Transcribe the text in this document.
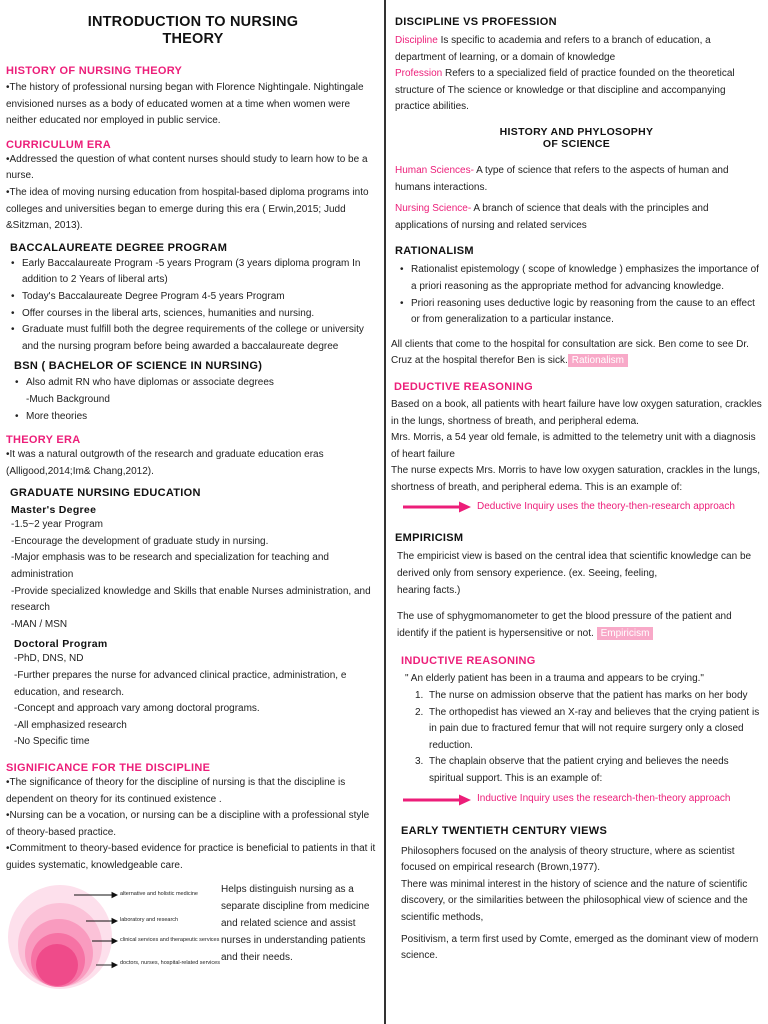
INTRODUCTION TO NURSING
THEORY
HISTORY OF NURSING THEORY

•The history of professional nursing began with Florence Nightingale. Nightingale envisioned nurses as a body of educated women at a time when women were neither educated nor employed in public service.

CURRICULUM ERA

•Addressed the question of what content nurses should study to learn how to be a nurse.

•The idea of moving nursing education from hospital-based diploma programs into colleges and universities began to emerge during this era ( Erwin,2015; Judd &Sitzman, 2013).

BACCALAUREATE DEGREE PROGRAM
• Early Baccalaureate Program -5 years Program (3 years diploma program In addition to 2 Years of liberal arts)
• Today's Baccalaureate Degree Program 4-5 years Program
• Offer courses in the liberal arts, sciences, humanities and nursing.
• Graduate must fulfill both the degree requirements of the college or university and the nursing program before being awarded a baccalaureate degree
BSN ( BACHELOR OF SCIENCE IN NURSING)
• Also admit RN who have diplomas or associate degrees

-Much Background

• More theories
THEORY ERA

•It was a natural outgrowth of the research and graduate education eras (Alligood,2014;Im& Chang,2012).

GRADUATE NURSING EDUCATION
Master's Degree

-1.5~2 year Program

-Encourage the development of graduate study in nursing.

-Major emphasis was to be research and specialization for teaching and administration

-Provide specialized knowledge and Skills that enable Nurses administration, and research

-MAN / MSN

Doctoral Program

-PhD, DNS, ND

-Further prepares the nurse for advanced clinical practice, administration, e education, and research.

-Concept and approach vary among doctoral programs.

-All emphasized research

-No Specific time

SIGNIFICANCE FOR THE DISCIPLINE

•The significance of theory for the discipline of nursing is that the discipline is dependent on theory for its continued existence .

•Nursing can be a vocation, or nursing can be a discipline with a professional style of theory-based practice.

•Commitment to theory-based evidence for practice is beneficial to patients in that it guides systematic, knowledgeable care.

alternative and holistic medicine
laboratory and research
clinical services and therapeutic services
doctors, nurses, hospital-related services

Helps distinguish nursing as a separate discipline from medicine and related science and assist nurses in understanding patients and their needs.

DISCIPLINE VS PROFESSION

Discipline Is specific to academia and refers to a branch of education, a department of learning, or a domain of knowledge

Profession Refers to a specialized field of practice founded on the theoretical structure of The science or knowledge or that discipline and accompanying practice abilities.

HISTORY AND PHYLOSOPHY
OF SCIENCE

Human Sciences- A type of science that refers to the aspects of human and humans interactions.

Nursing Science- A branch of science that deals with the principles and applications of nursing and related services

RATIONALISM
• Rationalist epistemology ( scope of knowledge ) emphasizes the importance of a priori reasoning as the appropriate method for advancing knowledge.
• Priori reasoning uses deductive logic by reasoning from the cause to an effect or from generalization to a particular instance.

All clients that come to the hospital for consultation are sick. Ben come to see Dr. Cruz at the hospital therefor Ben is sick. Rationalism

DEDUCTIVE REASONING

Based on a book, all patients with heart failure have low oxygen saturation, crackles in the lungs, shortness of breath, and peripheral edema.

Mrs. Morris, a 54 year old female, is admitted to the telemetry unit with a diagnosis of heart failure

The nurse expects Mrs. Morris to have low oxygen saturation, crackles in the lungs, shortness of breath, and peripheral edema. This is an example of:

Deductive Inquiry uses the theory-then-research approach
EMPIRICISM

The empiricist view is based on the central idea that scientific knowledge can be derived only from sensory experience. (ex. Seeing, feeling,

hearing facts.)

The use of sphygmomanometer to get the blood pressure of the patient and identify if the patient is hypersensitive or not. Empiricism

INDUCTIVE REASONING

" An elderly patient has been in a trauma and appears to be crying."

1. The nurse on admission observe that the patient has marks on her body
2. The orthopedist has viewed an X-ray and believes that the crying patient is in pain due to fractured femur that will not require surgery only a closed reduction.
3. The chaplain observe that the patient crying and believes the needs spiritual support. This is an example of:
Inductive Inquiry uses the research-then-theory approach
EARLY TWENTIETH CENTURY VIEWS

Philosophers focused on the analysis of theory structure, where as scientist focused on empirical research (Brown,1977).

There was minimal interest in the history of science and the nature of scientific discovery, or the similarities between the philosophical view of science and the scientific methods,

Positivism, a term first used by Comte, emerged as the dominant view of modern science.
